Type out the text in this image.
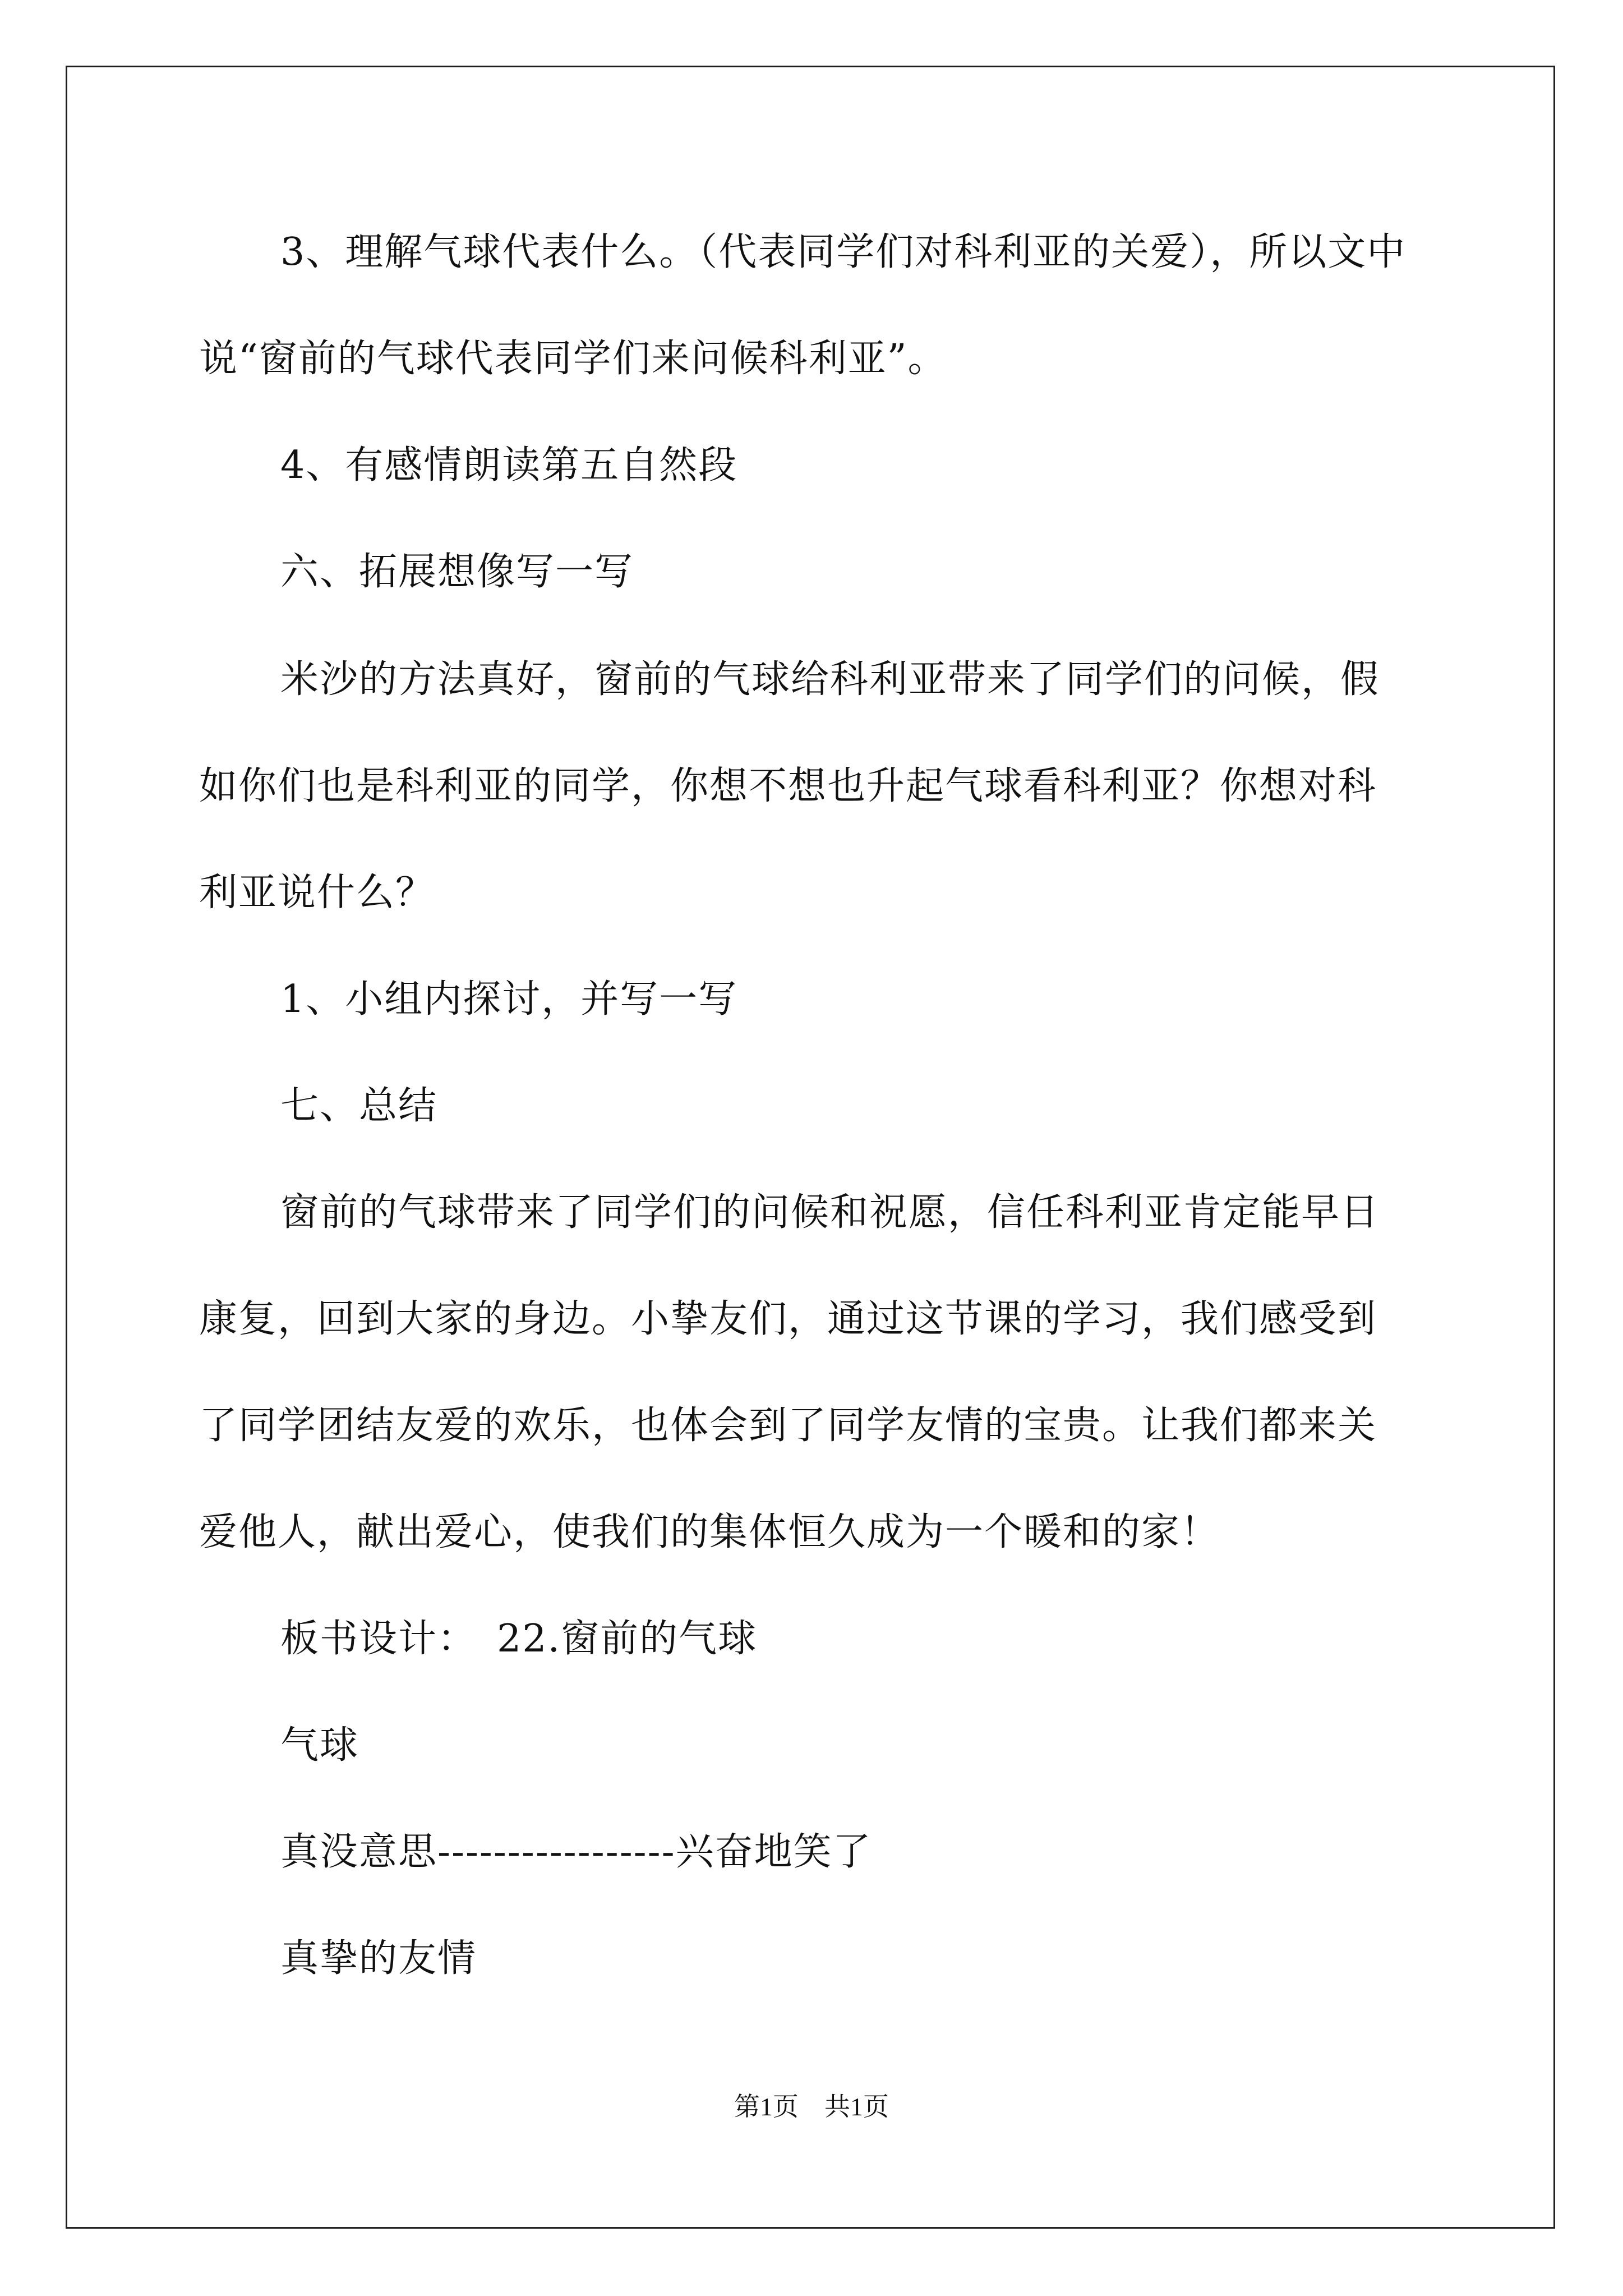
3、理解气球代表什么。（代表同学们对科利亚的关爱），所以文中
说“窗前的气球代表同学们来问候科利亚”。
4、有感情朗读第五自然段
六、拓展想像写一写
米沙的方法真好，窗前的气球给科利亚带来了同学们的问候，假
如你们也是科利亚的同学，你想不想也升起气球看科利亚？你想对科
利亚说什么？
1、小组内探讨，并写一写
七、总结
窗前的气球带来了同学们的问候和祝愿，信任科利亚肯定能早日
康复，回到大家的身边。小挚友们，通过这节课的学习，我们感受到
了同学团结友爱的欢乐，也体会到了同学友情的宝贵。让我们都来关
爱他人，献出爱心，使我们的集体恒久成为一个暖和的家！
板书设计：　22.窗前的气球
气球
真没意思-----------------兴奋地笑了
真挚的友情
第1页　共1页
